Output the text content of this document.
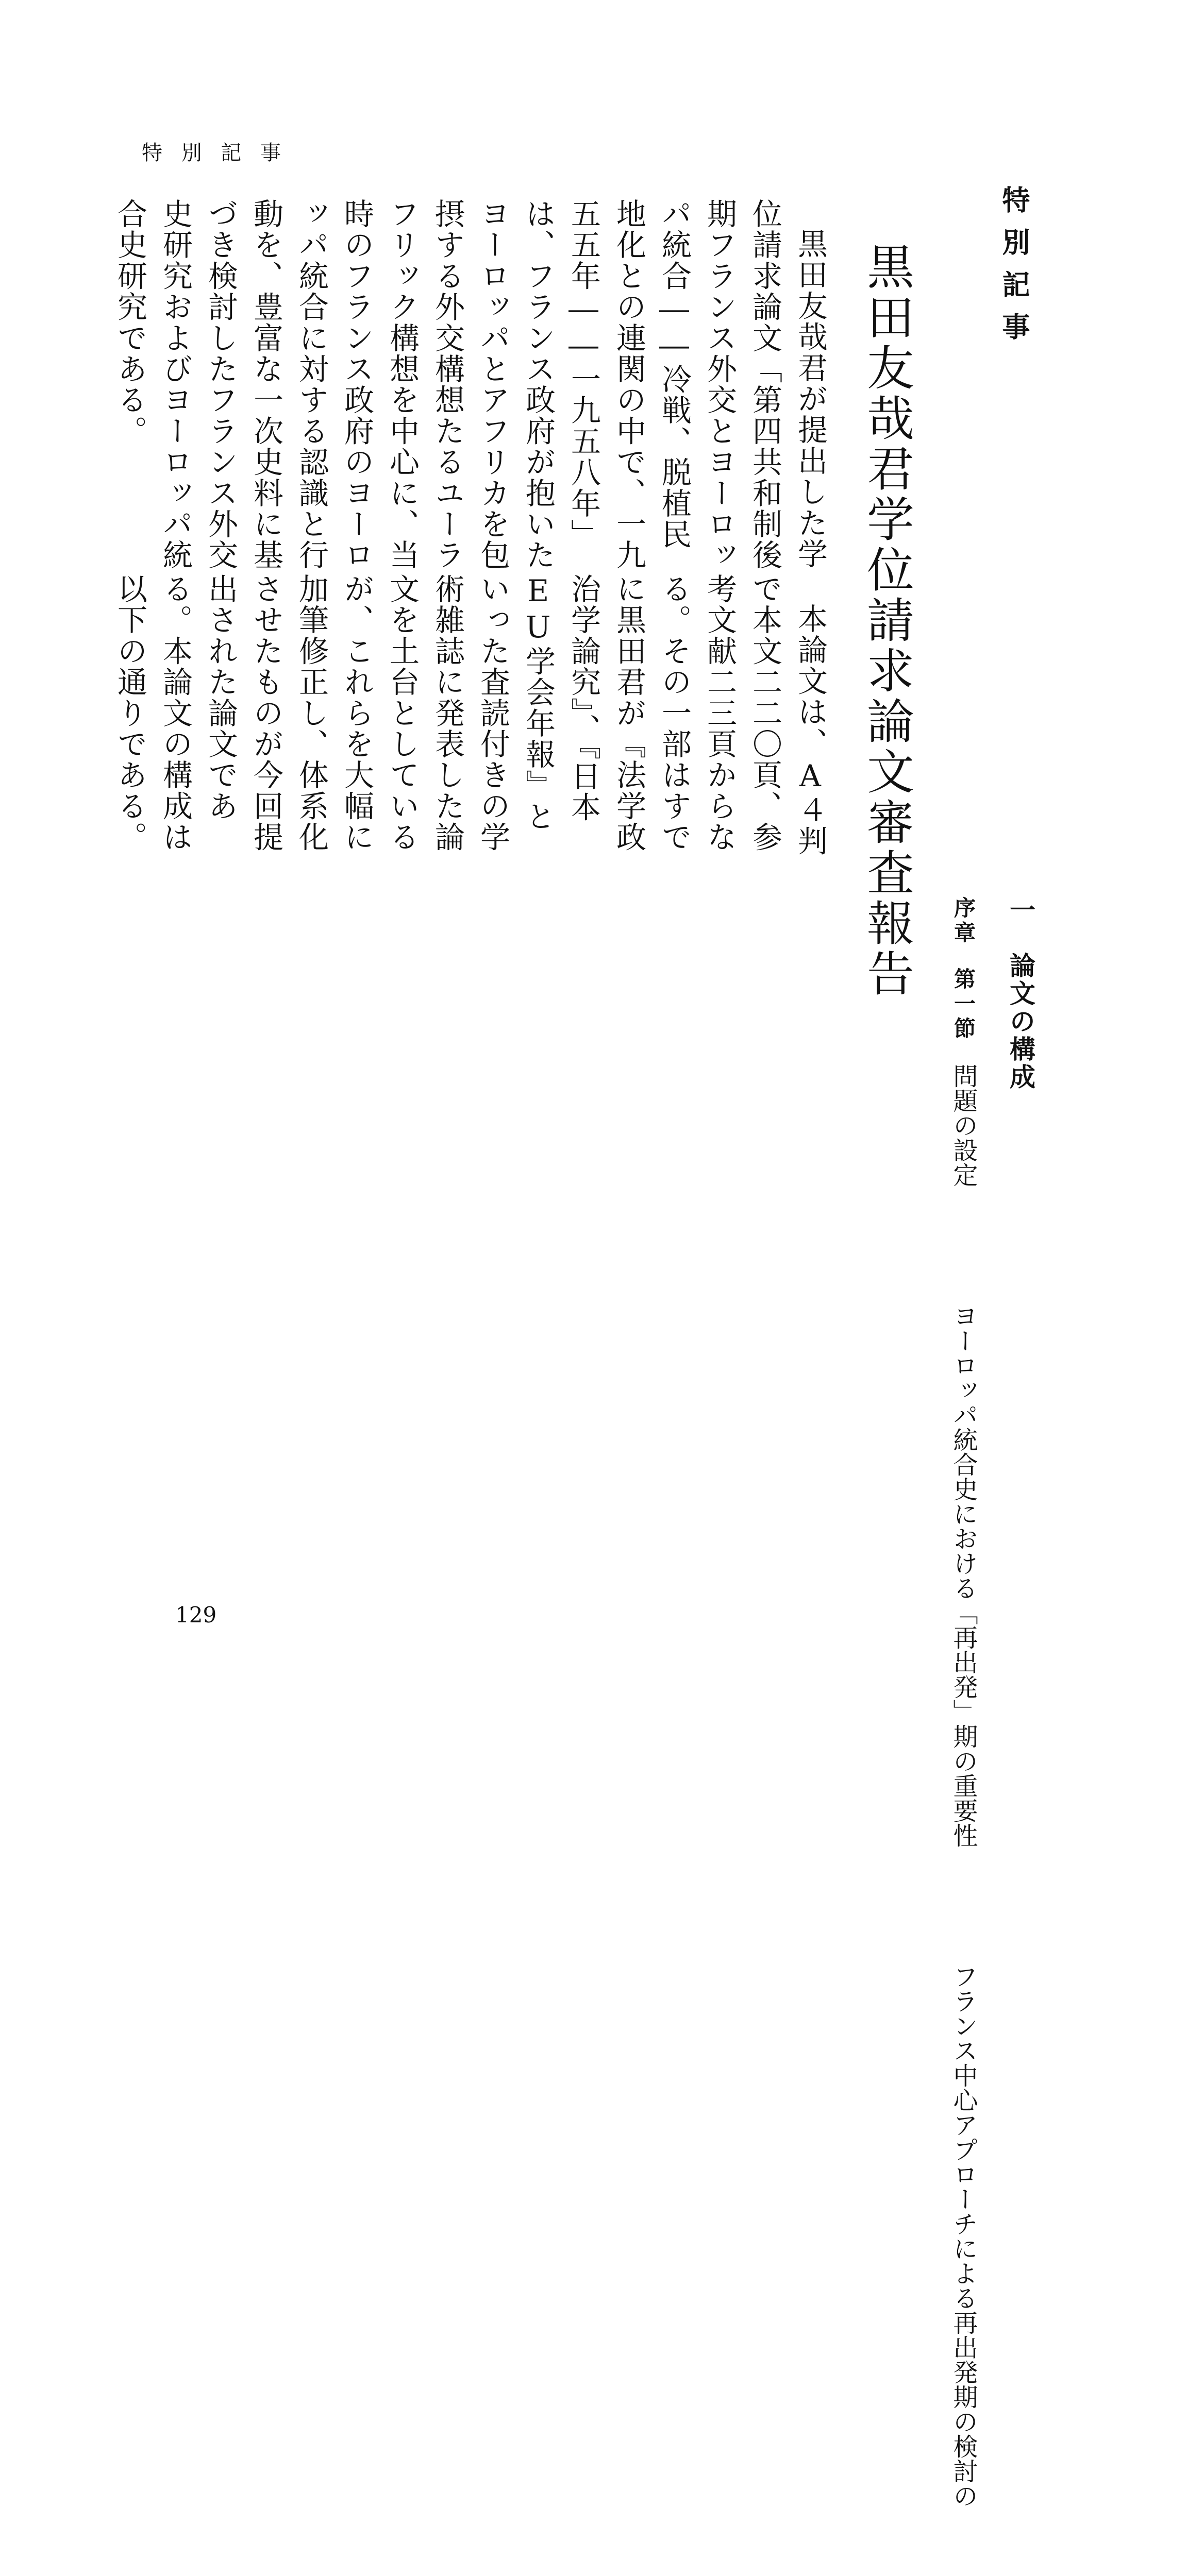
特 別 記 事
特別記事
黒田友哉君学位請求論文審査報告

黒田友哉君が提出した学位請求論文「第四共和制後期フランス外交とヨーロッパ統合――冷戦、脱植民地化との連関の中で、一九五五年――一九五八年」は、フランス政府が抱いたヨーロッパとアフリカを包摂する外交構想たるユーラフリック構想を中心に、当時のフランス政府のヨーロッパ統合に対する認識と行動を、豊富な一次史料に基づき検討したフランス外交史研究およびヨーロッパ統合史研究である。

本論文は、A４判で本文二二〇頁、参考文献二三頁からなる。その一部はすでに黒田君が『法学政治学論究』、『日本EU学会年報』といった査読付きの学術雑誌に発表した論文を土台としているが、これらを大幅に加筆修正し、体系化させたものが今回提出された論文である。本論文の構成は以下の通りである。

一　論文の構成
序章
第一節問題の設定
ヨーロッパ統合史における「再出発」期の重要性
フランス中心アプローチによる再出発期の検討の
129
